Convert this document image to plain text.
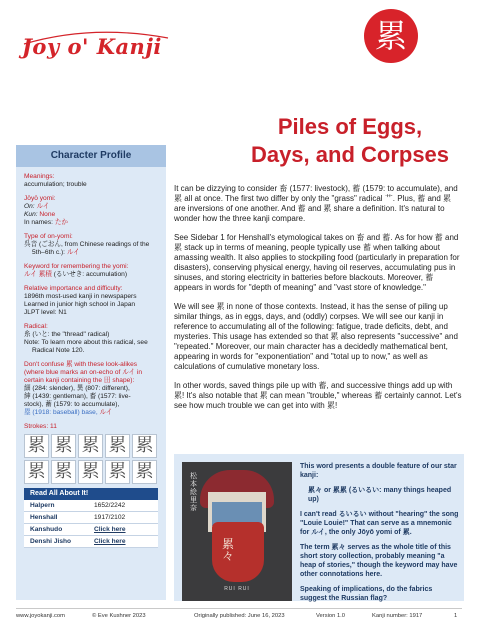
Joy o' Kanji	累
Piles of Eggs,
Days, and Corpses
Character Profile
Meanings:
accumulation; trouble
Jōyō yomi:
On: ルイ
Kun: None
In names: たか
Type of on-yomi:
呉音 (ごおん, from Chinese readings of the
5th–6th c.): ルイ
Keyword for remembering the yomi:
ルイ 累積 (るいせき: accumulation)
Relative importance and difficulty:
1896th most-used kanji in newspapers
Learned in junior high school in Japan
JLPT level: N1
Radical:
糸 (いと: the "thread" radical)
Note: To learn more about this radical, see
Radical Note 120.
Don't confuse 累 with these look-alikes
(where blue marks an on-echo of ルイ in
certain kanji containing the 田 shape):
細 (284: slender), 異 (807: different),
紳 (1439: gentleman), 畜 (1577: live-
stock), 蓄 (1579: to accumulate),
塁 (1918: baseball) base, ルイ
Strokes: 11
累 累 累 累 累
累 累 累 累 累
Read All About It!
Halpern	1652/2242
Henshall	1917/2102
Kanshudo	Click here
Denshi Jisho	Click here

It can be dizzying to consider 畜 (1577: livestock), 蓄 (1579: to accumulate), and 累 all at once. The first two differ by only the "grass" radical ⺾. Plus, 蓄 and 累 are inversions of one another. And 蓄 and 累 share a definition. It's natural to wonder how the three kanji compare.

See Sidebar 1 for Henshall's etymological takes on 畜 and 蓄. As for how 蓄 and 累 stack up in terms of meaning, people typically use 蓄 when talking about amassing wealth. It also applies to stockpiling food (particularly in preparation for disasters), conserving physical energy, having oil reserves, accumulating pus in sinuses, and storing electricity in batteries before blackouts. Moreover, 蓄 appears in words for "depth of meaning" and "vast store of knowledge."

We will see 累 in none of those contexts. Instead, it has the sense of piling up similar things, as in eggs, days, and (oddly) corpses. We will see our kanji in reference to accumulating all of the following: fatigue, trade deficits, debt, and mysteries. This usage has extended so that 累 also represents "successive" and "repeated." Moreover, our main character has a decidedly mathematical bent, appearing in words for "exponentiation" and "total up to now," as well as calculations of cumulative monetary loss.

In other words, saved things pile up with 蓄, and successive things add up with 累! It's also notable that 累 can mean "trouble," whereas 蓄 certainly cannot. Let's see how much trouble we can get into with 累!

松本絵里奈
累
々
RUI RUI

This word presents a double feature of our star kanji:

累々 or 累累 (るいるい: many things heaped up)

I can't read るいるい without "hearing" the song "Louie Louie!" That can serve as a mnemonic for ルイ, the only Jōyō yomi of 累.

The term 累々 serves as the whole title of this short story collection, probably meaning "a heap of stories," though the keyword may have other connotations here.

Speaking of implications, do the fabrics suggest the Russian flag?

www.joyokanji.com	© Eve Kushner 2023	Originally published: June 16, 2023	Version 1.0	Kanji number: 1917	1
